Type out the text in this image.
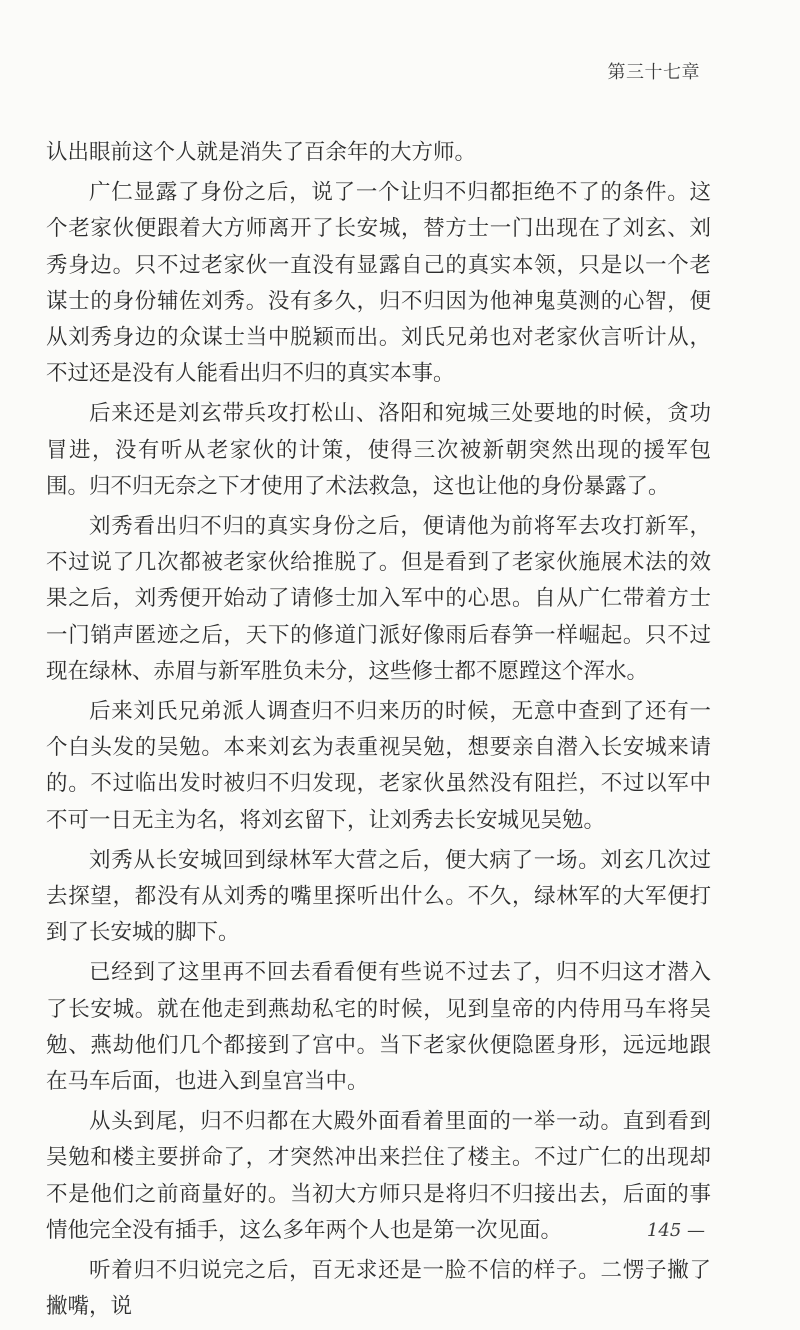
第三十七章

认出眼前这个人就是消失了百余年的大方师。

广仁显露了身份之后，说了一个让归不归都拒绝不了的条件。这个老家伙便跟着大方师离开了长安城，替方士一门出现在了刘玄、刘秀身边。只不过老家伙一直没有显露自己的真实本领，只是以一个老谋士的身份辅佐刘秀。没有多久，归不归因为他神鬼莫测的心智，便从刘秀身边的众谋士当中脱颖而出。刘氏兄弟也对老家伙言听计从，不过还是没有人能看出归不归的真实本事。

后来还是刘玄带兵攻打松山、洛阳和宛城三处要地的时候，贪功冒进，没有听从老家伙的计策，使得三次被新朝突然出现的援军包围。归不归无奈之下才使用了术法救急，这也让他的身份暴露了。

刘秀看出归不归的真实身份之后，便请他为前将军去攻打新军，不过说了几次都被老家伙给推脱了。但是看到了老家伙施展术法的效果之后，刘秀便开始动了请修士加入军中的心思。自从广仁带着方士一门销声匿迹之后，天下的修道门派好像雨后春笋一样崛起。只不过现在绿林、赤眉与新军胜负未分，这些修士都不愿蹚这个浑水。

后来刘氏兄弟派人调查归不归来历的时候，无意中查到了还有一个白头发的吴勉。本来刘玄为表重视吴勉，想要亲自潜入长安城来请的。不过临出发时被归不归发现，老家伙虽然没有阻拦，不过以军中不可一日无主为名，将刘玄留下，让刘秀去长安城见吴勉。

刘秀从长安城回到绿林军大营之后，便大病了一场。刘玄几次过去探望，都没有从刘秀的嘴里探听出什么。不久，绿林军的大军便打到了长安城的脚下。

已经到了这里再不回去看看便有些说不过去了，归不归这才潜入了长安城。就在他走到燕劫私宅的时候，见到皇帝的内侍用马车将吴勉、燕劫他们几个都接到了宫中。当下老家伙便隐匿身形，远远地跟在马车后面，也进入到皇宫当中。

从头到尾，归不归都在大殿外面看着里面的一举一动。直到看到吴勉和楼主要拼命了，才突然冲出来拦住了楼主。不过广仁的出现却不是他们之前商量好的。当初大方师只是将归不归接出去，后面的事情他完全没有插手，这么多年两个人也是第一次见面。

听着归不归说完之后，百无求还是一脸不信的样子。二愣子撇了撇嘴，说

145 —
